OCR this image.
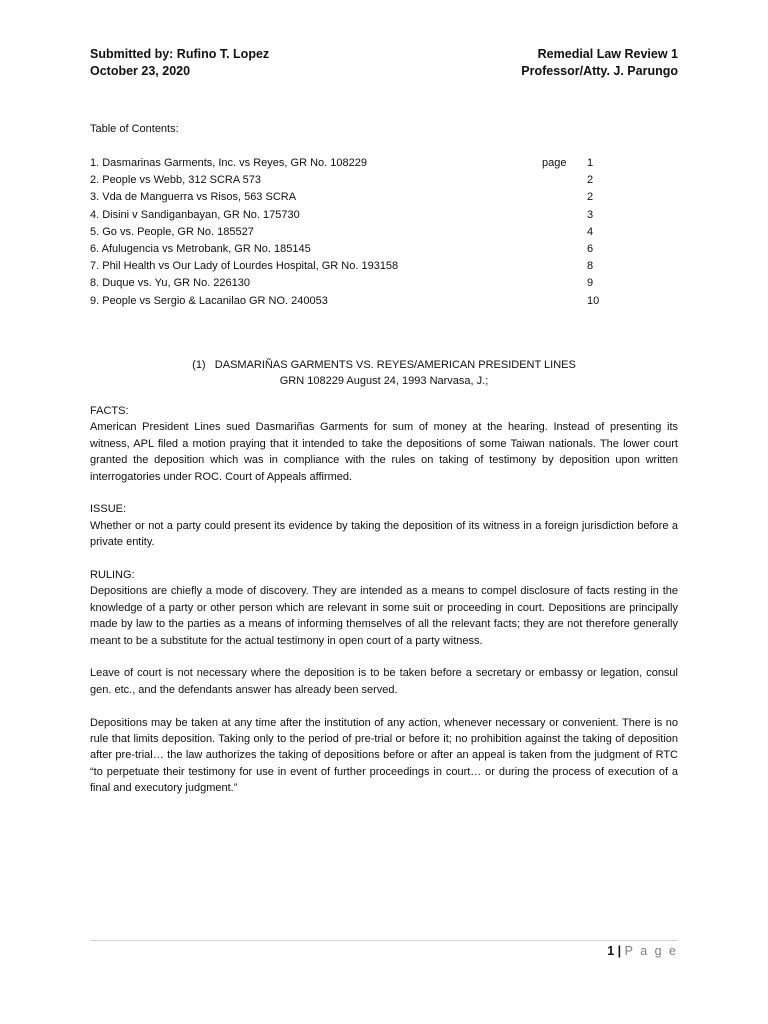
Submitted by: Rufino T. Lopez
October 23, 2020
Remedial Law Review 1
Professor/Atty. J. Parungo
Table of Contents:
1. Dasmarinas Garments, Inc. vs Reyes, GR No. 108229	page 1
2. People vs Webb, 312 SCRA 573	2
3. Vda de Manguerra vs Risos, 563 SCRA	2
4. Disini v Sandiganbayan, GR No. 175730	3
5. Go vs. People, GR No. 185527	4
6. Afulugencia vs Metrobank, GR No. 185145	6
7. Phil Health vs Our Lady of Lourdes Hospital, GR No. 193158	8
8. Duque vs. Yu, GR No. 226130	9
9. People vs Sergio & Lacanilao GR NO. 240053	10
(1) DASMARIÑAS GARMENTS VS. REYES/AMERICAN PRESIDENT LINES
GRN 108229 August 24, 1993 Narvasa, J.;

FACTS:

American President Lines sued Dasmariñas Garments for sum of money at the hearing. Instead of presenting its witness, APL filed a motion praying that it intended to take the depositions of some Taiwan nationals. The lower court granted the deposition which was in compliance with the rules on taking of testimony by deposition upon written interrogatories under ROC. Court of Appeals affirmed.

ISSUE:

Whether or not a party could present its evidence by taking the deposition of its witness in a foreign jurisdiction before a private entity.

RULING:

Depositions are chiefly a mode of discovery. They are intended as a means to compel disclosure of facts resting in the knowledge of a party or other person which are relevant in some suit or proceeding in court. Depositions are principally made by law to the parties as a means of informing themselves of all the relevant facts; they are not therefore generally meant to be a substitute for the actual testimony in open court of a party witness.

Leave of court is not necessary where the deposition is to be taken before a secretary or embassy or legation, consul gen. etc., and the defendants answer has already been served.

Depositions may be taken at any time after the institution of any action, whenever necessary or convenient. There is no rule that limits deposition. Taking only to the period of pre-trial or before it; no prohibition against the taking of deposition after pre-trial… the law authorizes the taking of depositions before or after an appeal is taken from the judgment of RTC “to perpetuate their testimony for use in event of further proceedings in court… or during the process of execution of a final and executory judgment.”

1 | P a g e
